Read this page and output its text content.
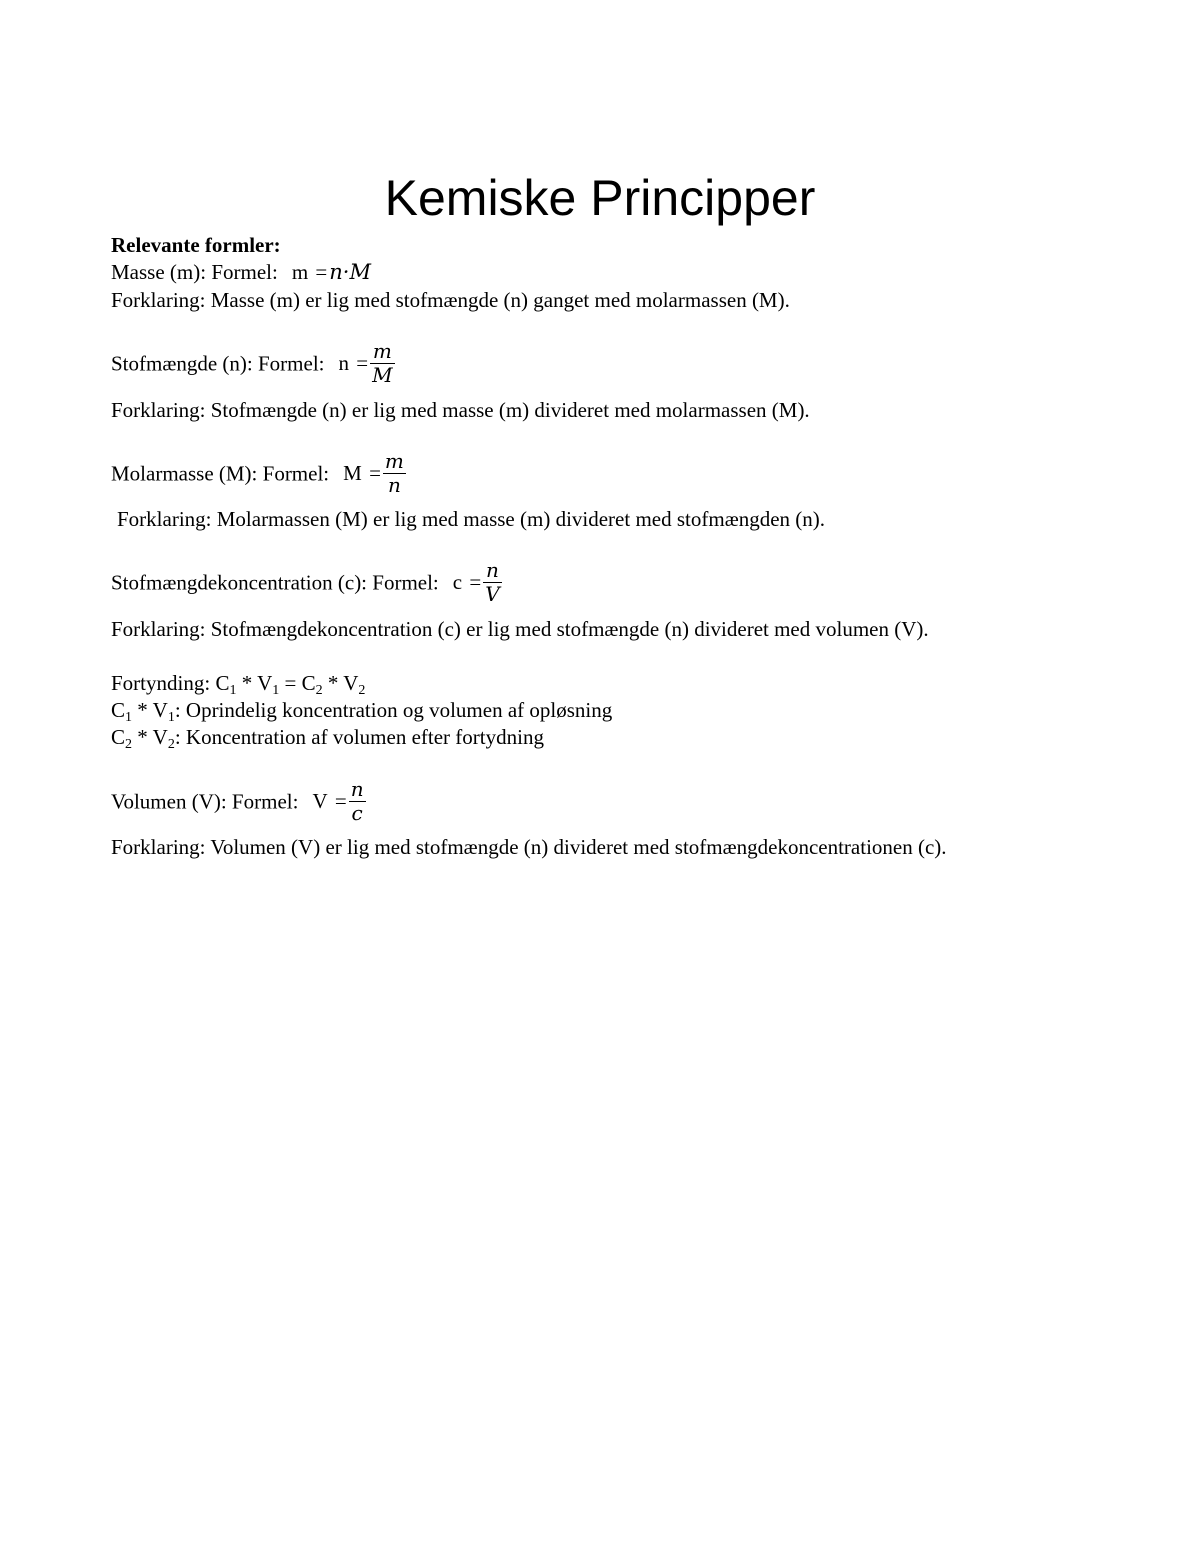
Kemiske Principper
Relevante formler:
Masse (m): Formel: m =n·M
Forklaring: Masse (m) er lig med stofmængde (n) ganget med molarmassen (M).
Stofmængde (n): Formel: $n = \frac{m}{M}$
Forklaring: Stofmængde (n) er lig med masse (m) divideret med molarmassen (M).
Molarmasse (M): Formel: $M = \frac{m}{n}$
Forklaring: Molarmassen (M) er lig med masse (m) divideret med stofmængden (n).
Stofmængdekoncentration (c): Formel: $c = \frac{n}{V}$
Forklaring: Stofmængdekoncentration (c) er lig med stofmængde (n) divideret med volumen (V).
Fortynding: C1 * V1 = C2 * V2
C1 * V1: Oprindelig koncentration og volumen af opløsning
C2 * V2: Koncentration af volumen efter fortydning
Volumen (V): Formel: $V = \frac{n}{c}$
Forklaring: Volumen (V) er lig med stofmængde (n) divideret med stofmængdekoncentrationen (c).
